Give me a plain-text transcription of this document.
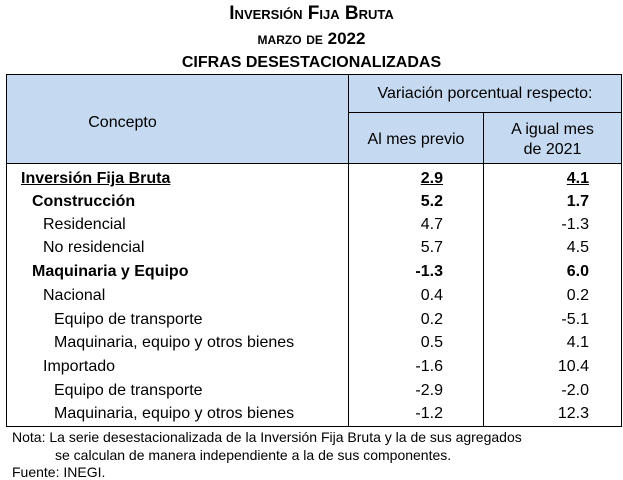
Inversión Fija Bruta
marzo de 2022
CIFRAS DESESTACIONALIZADAS
Concepto
Variación porcentual respecto:
Al mes previo
A igual mes
de 2021
Inversión Fija Bruta	2.9	4.1
Construcción	5.2	1.7
Residencial	4.7	-1.3
No residencial	5.7	4.5
Maquinaria y Equipo	-1.3	6.0
Nacional	0.4	0.2
Equipo de transporte	0.2	-5.1
Maquinaria, equipo y otros bienes	0.5	4.1
Importado	-1.6	10.4
Equipo de transporte	-2.9	-2.0
Maquinaria, equipo y otros bienes	-1.2	12.3
Nota: La serie desestacionalizada de la Inversión Fija Bruta y la de sus agregados
se calculan de manera independiente a la de sus componentes.
Fuente: INEGI.
